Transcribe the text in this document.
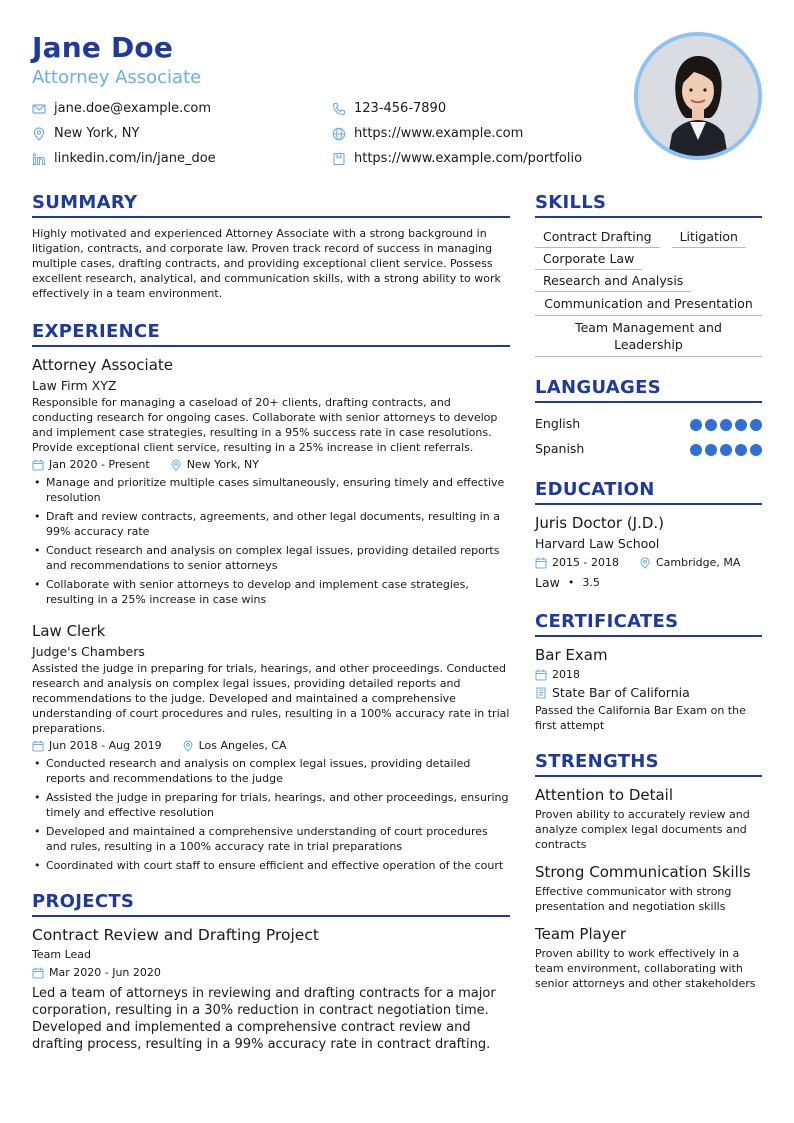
Jane Doe
Attorney Associate
jane.doe@example.com	123-456-7890
New York, NY	https://www.example.com
linkedin.com/in/jane_doe	https://www.example.com/portfolio
SUMMARY
Highly motivated and experienced Attorney Associate with a strong background in litigation, contracts, and corporate law. Proven track record of success in managing multiple cases, drafting contracts, and providing exceptional client service. Possess excellent research, analytical, and communication skills, with a strong ability to work effectively in a team environment.
EXPERIENCE
Attorney Associate
Law Firm XYZ
Responsible for managing a caseload of 20+ clients, drafting contracts, and conducting research for ongoing cases. Collaborate with senior attorneys to develop and implement case strategies, resulting in a 95% success rate in case resolutions. Provide exceptional client service, resulting in a 25% increase in client referrals.
Jan 2020 - Present	New York, NY
• Manage and prioritize multiple cases simultaneously, ensuring timely and effective resolution
• Draft and review contracts, agreements, and other legal documents, resulting in a 99% accuracy rate
• Conduct research and analysis on complex legal issues, providing detailed reports and recommendations to senior attorneys
• Collaborate with senior attorneys to develop and implement case strategies, resulting in a 25% increase in case wins
Law Clerk
Judge's Chambers
Assisted the judge in preparing for trials, hearings, and other proceedings. Conducted research and analysis on complex legal issues, providing detailed reports and recommendations to the judge. Developed and maintained a comprehensive understanding of court procedures and rules, resulting in a 100% accuracy rate in trial preparations.
Jun 2018 - Aug 2019	Los Angeles, CA
• Conducted research and analysis on complex legal issues, providing detailed reports and recommendations to the judge
• Assisted the judge in preparing for trials, hearings, and other proceedings, ensuring timely and effective resolution
• Developed and maintained a comprehensive understanding of court procedures and rules, resulting in a 100% accuracy rate in trial preparations
• Coordinated with court staff to ensure efficient and effective operation of the court
PROJECTS
Contract Review and Drafting Project
Team Lead
Mar 2020 - Jun 2020
Led a team of attorneys in reviewing and drafting contracts for a major corporation, resulting in a 30% reduction in contract negotiation time. Developed and implemented a comprehensive contract review and drafting process, resulting in a 99% accuracy rate in contract drafting.
SKILLS
Contract Drafting Litigation Corporate Law
Research and Analysis
Communication and Presentation
Team Management and Leadership
LANGUAGES
English
Spanish
EDUCATION
Juris Doctor (J.D.)
Harvard Law School
2015 - 2018	Cambridge, MA
Law • 3.5
CERTIFICATES
Bar Exam
2018
State Bar of California
Passed the California Bar Exam on the first attempt
STRENGTHS
Attention to Detail
Proven ability to accurately review and analyze complex legal documents and contracts
Strong Communication Skills
Effective communicator with strong presentation and negotiation skills
Team Player
Proven ability to work effectively in a team environment, collaborating with senior attorneys and other stakeholders
